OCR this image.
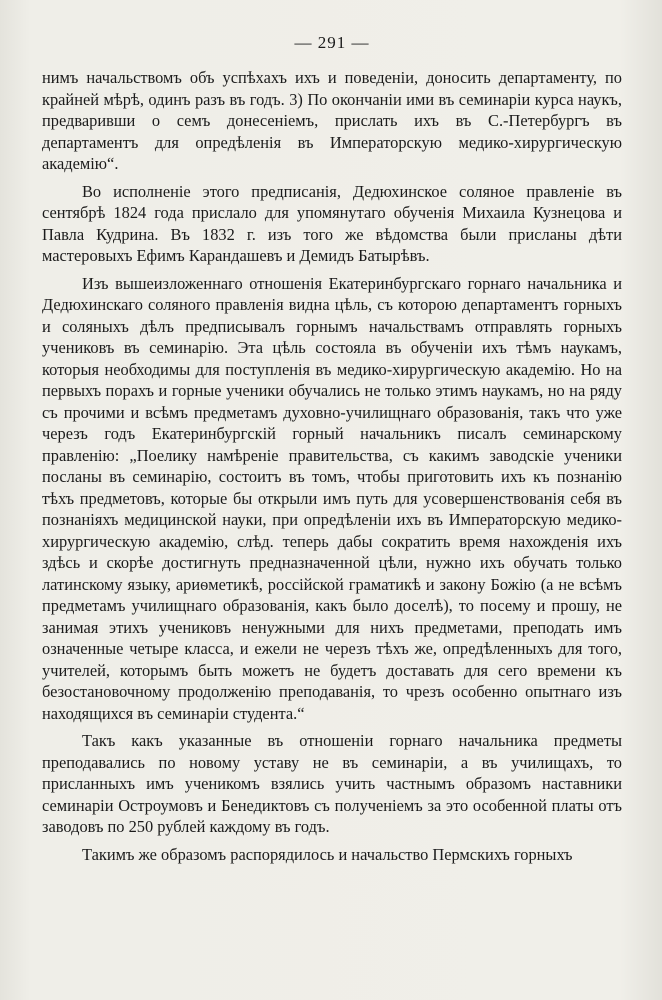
— 291 —

нимъ начальствомъ объ успѣхахъ ихъ и поведеніи, доносить департаменту, по крайней мѣрѣ, одинъ разъ въ годъ. 3) По окончаніи ими въ семинаріи курса наукъ, предваривши о семъ донесеніемъ, прислать ихъ въ С.-Петербургъ въ департаментъ для опредѣленія въ Императорскую медико-хирургическую академію“.

Во исполненіе этого предписанія, Дедюхинское соляное правленіе въ сентябрѣ 1824 года прислало для упомянутаго обученія Михаила Кузнецова и Павла Кудрина. Въ 1832 г. изъ того же вѣдомства были присланы дѣти мастеровыхъ Ефимъ Карандашевъ и Демидъ Батырѣвъ.

Изъ вышеизложеннаго отношенія Екатеринбургскаго горнаго начальника и Дедюхинскаго соляного правленія видна цѣль, съ которою департаментъ горныхъ и соляныхъ дѣлъ предписывалъ горнымъ начальствамъ отправлять горныхъ учениковъ въ семинарію. Эта цѣль состояла въ обученіи ихъ тѣмъ наукамъ, которыя необходимы для поступленія въ медико-хирургическую академію. Но на первыхъ порахъ и горные ученики обучались не только этимъ наукамъ, но на ряду съ прочими и всѣмъ предметамъ духовно-училищнаго образованія, такъ что уже черезъ годъ Екатеринбургскій горный начальникъ писалъ семинарскому правленію: „Поелику намѣреніе правительства, съ какимъ заводскіе ученики посланы въ семинарію, состоитъ въ томъ, чтобы приготовить ихъ къ познанію тѣхъ предметовъ, которые бы открыли имъ путь для усовершенствованія себя въ познаніяхъ медицинской науки, при опредѣленіи ихъ въ Императорскую медико-хирургическую академію, слѣд. теперь дабы сократить время нахожденія ихъ здѣсь и скорѣе достигнуть предназначенной цѣли, нужно ихъ обучать только латинскому языку, ариѳметикѣ, россійской граматикѣ и закону Божію (а не всѣмъ предметамъ училищнаго образованія, какъ было доселѣ), то посему и прошу, не занимая этихъ учениковъ ненужными для нихъ предметами, преподать имъ означенные четыре класса, и ежели не черезъ тѣхъ же, опредѣленныхъ для того, учителей, которымъ быть можетъ не будетъ доставать для сего времени къ безостановочному продолженію преподаванія, то чрезъ особенно опытнаго изъ находящихся въ семинаріи студента.“

Такъ какъ указанные въ отношеніи горнаго начальника предметы преподавались по новому уставу не въ семинаріи, а въ училищахъ, то присланныхъ имъ ученикомъ взялись учить частнымъ образомъ наставники семинаріи Остроумовъ и Бенедиктовъ съ полученіемъ за это особенной платы отъ заводовъ по 250 рублей каждому въ годъ.

Такимъ же образомъ распорядилось и начальство Пермскихъ горныхъ
